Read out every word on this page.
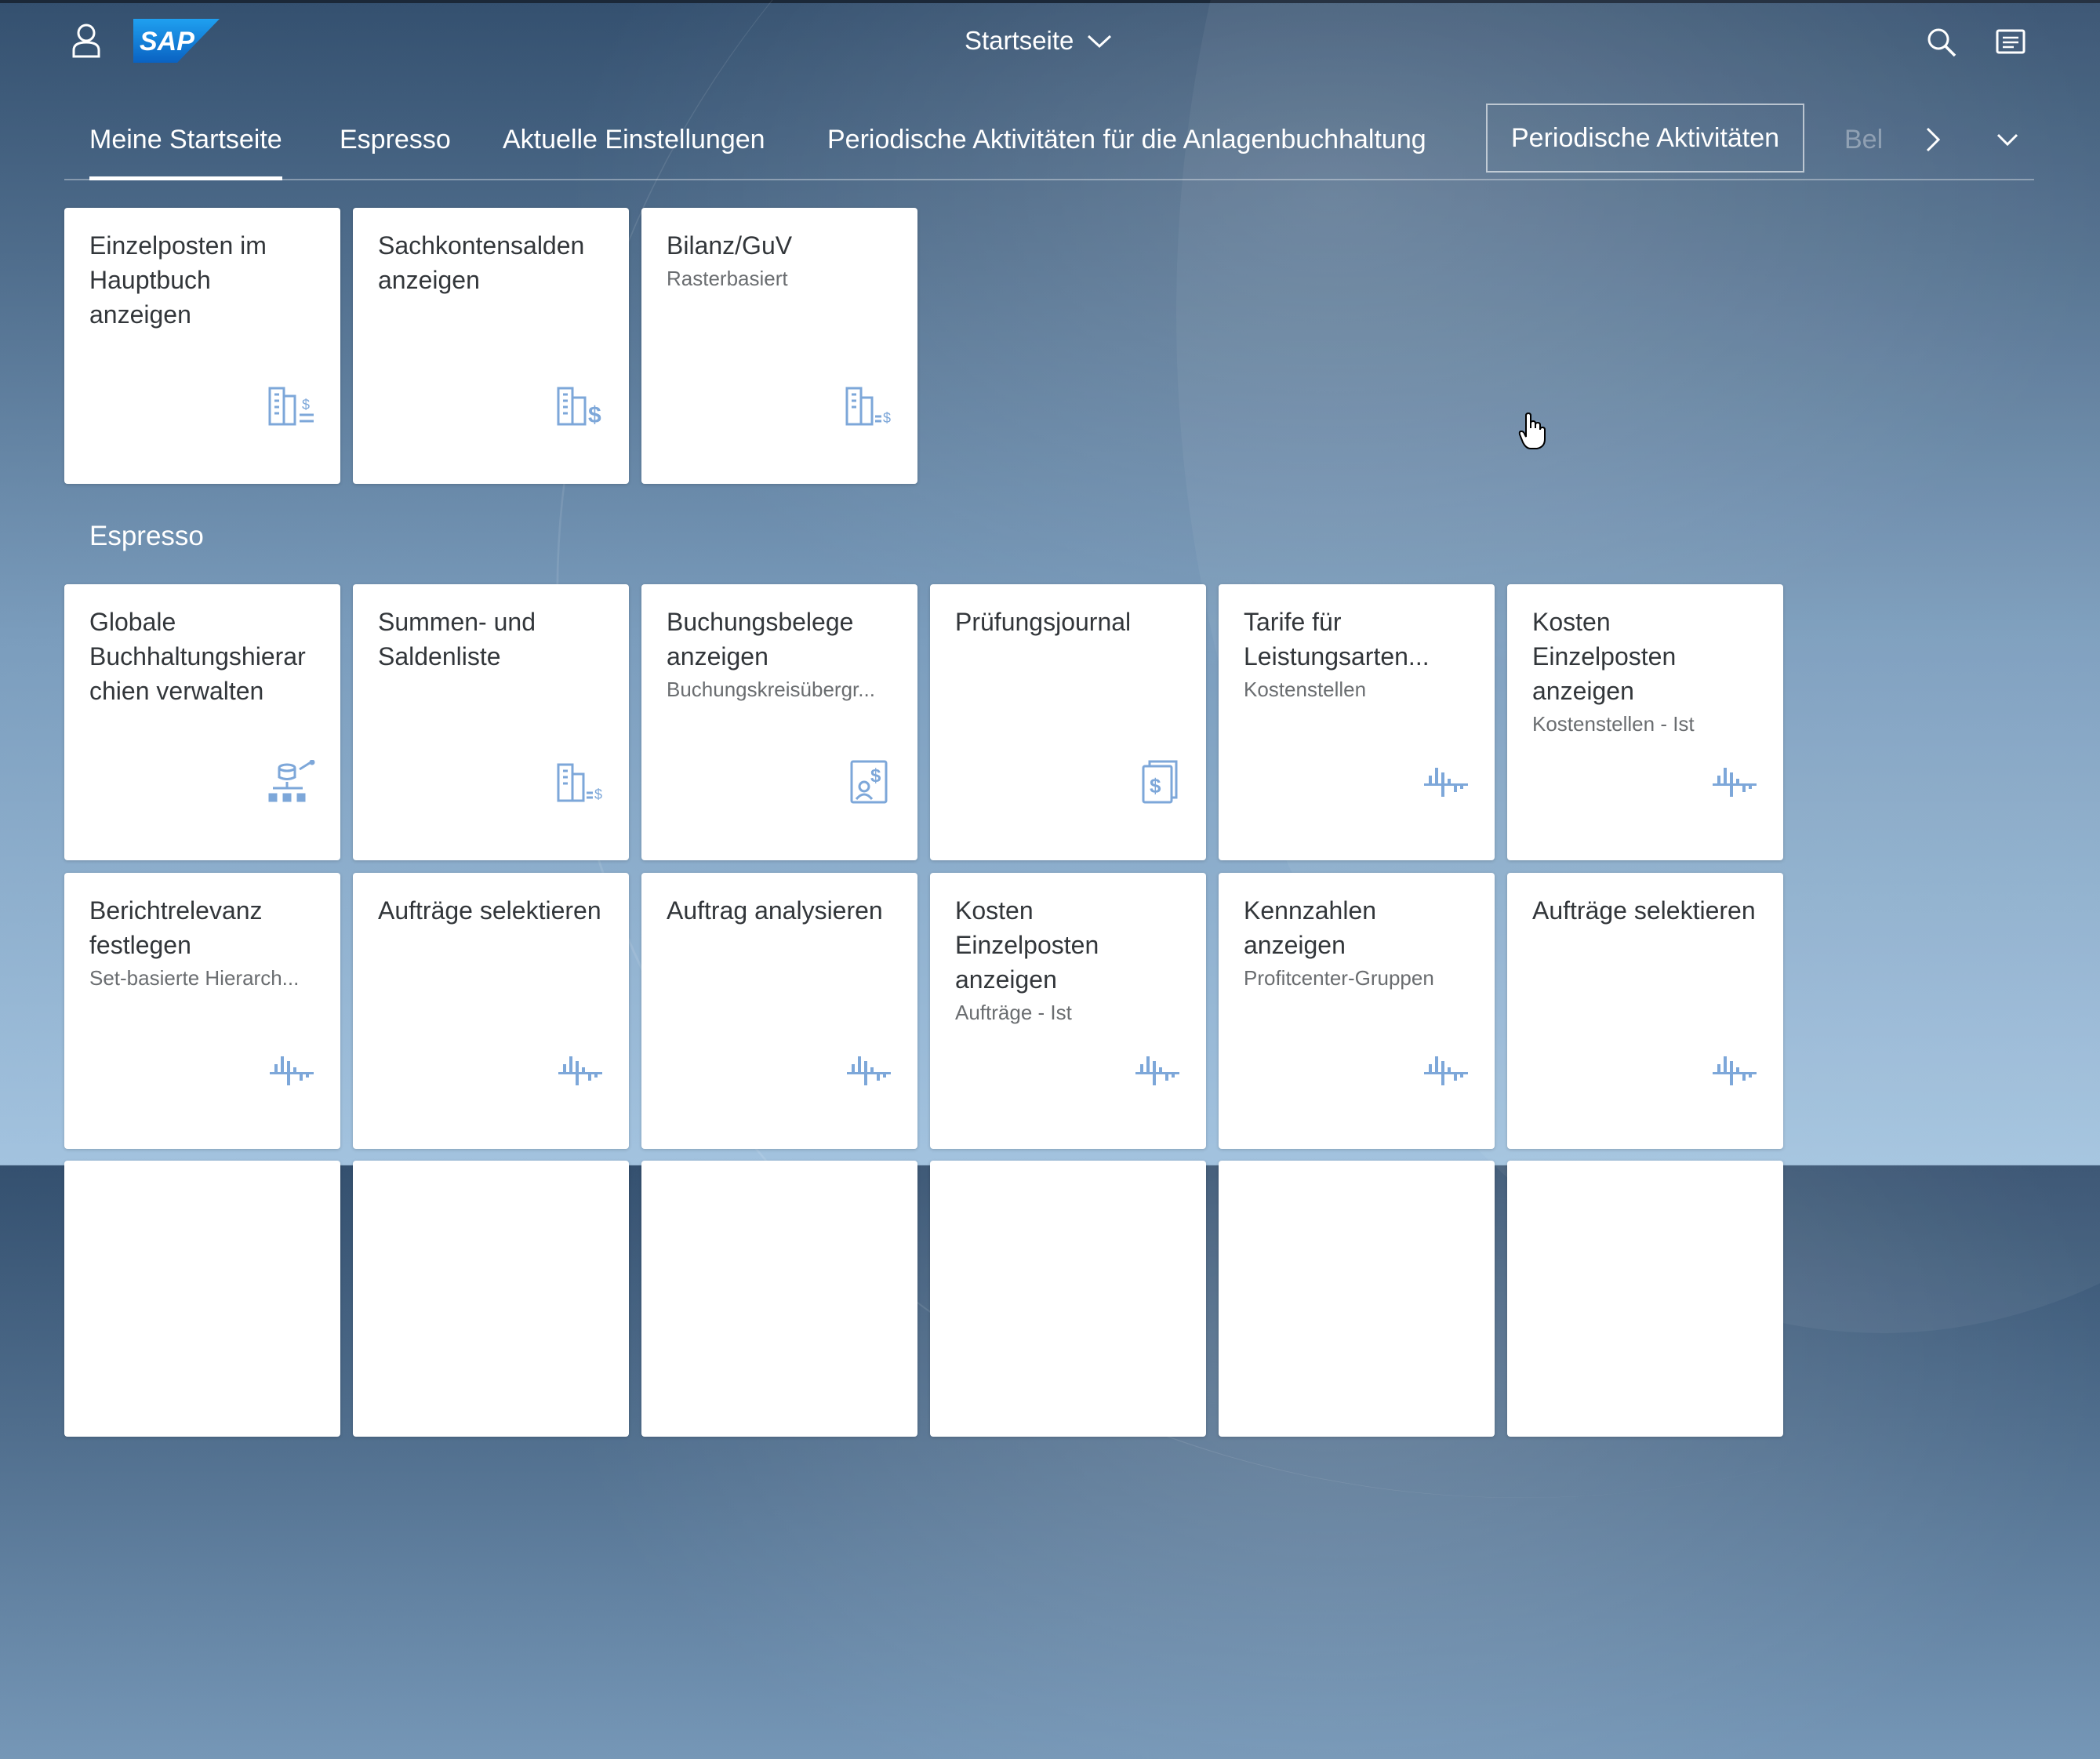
SAP	Startseite
Meine Startseite Espresso Aktuelle Einstellungen Periodische Aktivitäten für die Anlagenbuchhaltung	Periodische Aktivitäten Bel
Einzelposten im Hauptbuch anzeigen
$
Sachkontensalden anzeigen
$
Bilanz/GuV
Rasterbasiert
$
Espresso
Globale Buchhaltungshierar chien verwalten
Summen- und Saldenliste
$
Buchungsbelege anzeigen
Buchungskreisübergr...
$
Prüfungsjournal
$
Tarife für Leistungsarten...
Kostenstellen
Kosten Einzelposten anzeigen
Kostenstellen - Ist
Berichtrelevanz festlegen
Set-basierte Hierarch...
Aufträge selektieren	Auftrag analysieren	Kosten Einzelposten anzeigen
Aufträge - Ist
Kennzahlen anzeigen
Profitcenter-Gruppen
Aufträge selektieren
